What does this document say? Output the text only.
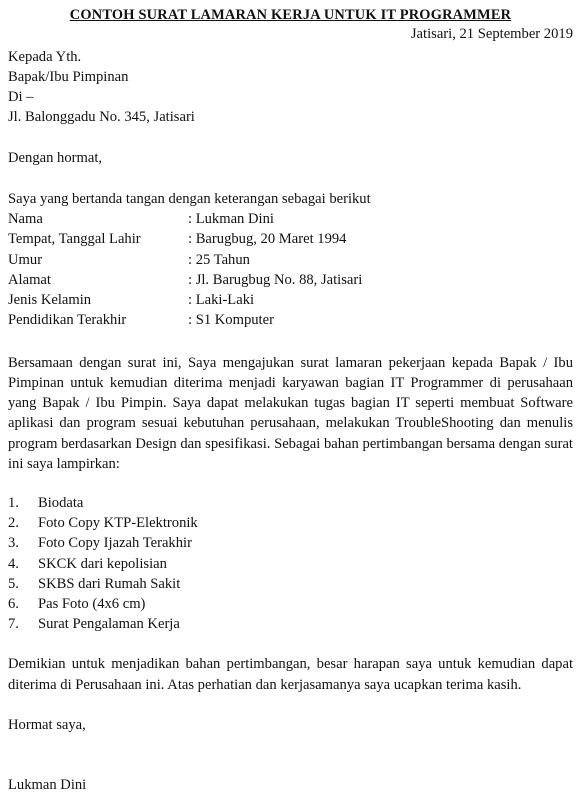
CONTOH SURAT LAMARAN KERJA UNTUK IT PROGRAMMER
Jatisari, 21 September 2019
Kepada Yth.
Bapak/Ibu Pimpinan
Di –
Jl. Balonggadu No. 345, Jatisari
Dengan hormat,
Saya yang bertanda tangan dengan keterangan sebagai berikut
Nama	: Lukman Dini
Tempat, Tanggal Lahir	: Barugbug, 20 Maret 1994
Umur	: 25 Tahun
Alamat	: Jl. Barugbug No. 88, Jatisari
Jenis Kelamin	: Laki-Laki
Pendidikan Terakhir	: S1 Komputer
Bersamaan dengan surat ini, Saya mengajukan surat lamaran pekerjaan kepada Bapak / Ibu Pimpinan untuk kemudian diterima menjadi karyawan bagian IT Programmer di perusahaan yang Bapak / Ibu Pimpin. Saya dapat melakukan tugas bagian IT seperti membuat Software aplikasi dan program sesuai kebutuhan perusahaan, melakukan TroubleShooting dan menulis program berdasarkan Design dan spesifikasi. Sebagai bahan pertimbangan bersama dengan surat ini saya lampirkan:
1.	Biodata
2.	Foto Copy KTP-Elektronik
3.	Foto Copy Ijazah Terakhir
4.	SKCK dari kepolisian
5.	SKBS dari Rumah Sakit
6.	Pas Foto (4x6 cm)
7.	Surat Pengalaman Kerja
Demikian untuk menjadikan bahan pertimbangan, besar harapan saya untuk kemudian dapat diterima di Perusahaan ini. Atas perhatian dan kerjasamanya saya ucapkan terima kasih.
Hormat saya,
Lukman Dini
